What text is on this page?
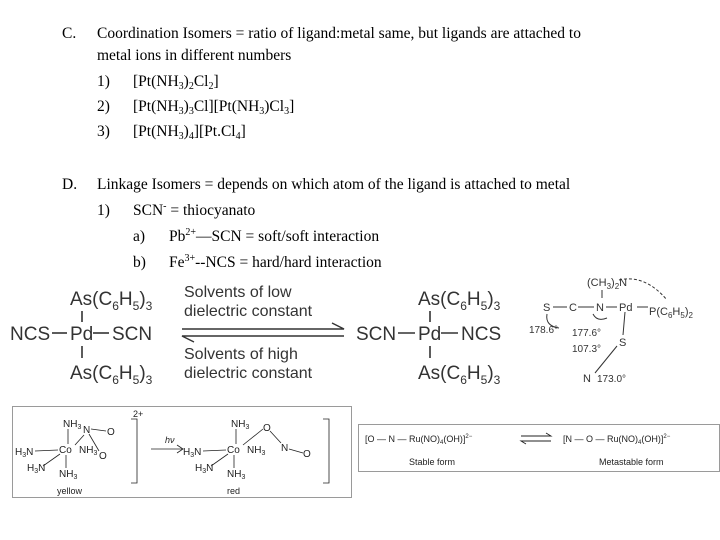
C. Coordination Isomers = ratio of ligand:metal same, but ligands are attached to
metal ions in different numbers
1) $[Pt(NH_3)_2Cl_2]$
2) $[Pt(NH_3)_3Cl][Pt(NH_3)Cl_3]$
3) $[Pt(NH_3)_4][Pt.Cl_4]$
D. Linkage Isomers = depends on which atom of the ligand is attached to metal
1) SCN- = thiocyanato
a) $Pb^{2+}—SCN$ = soft/soft interaction
b) $Fe^{3+}-$-NCS = hard/hard interaction
$As(C_6H_5)_3$
$As(C_6H_5)_3$
NCS Pd SCN
$As(C_6H_5)_3$
$As(C_6H_5)_3$
SCN Pd NCS
Solvents of low
dielectric constant
Solvents of high
dielectric constant
$(CH_3)_2N$
$P(C_6H_5)_2$
S C N Pd
S
N
178.6° 177.6°
107.3°
173.0°
$NH_3$ N O
O
$H_3N$	Co $NH_3$
$H_3N$
$NH_3$
$NH_3$ O
N
O
$H_3N$	Co $NH_3$
$H_3N$
$NH_3$
2+
hν
yellow	red
[O — N — $Ru(NO)_4(OH)]^{2-}$	[N — O — $Ru(NO)_4(OH)]^{2-}$
Stable form	Metastable form
